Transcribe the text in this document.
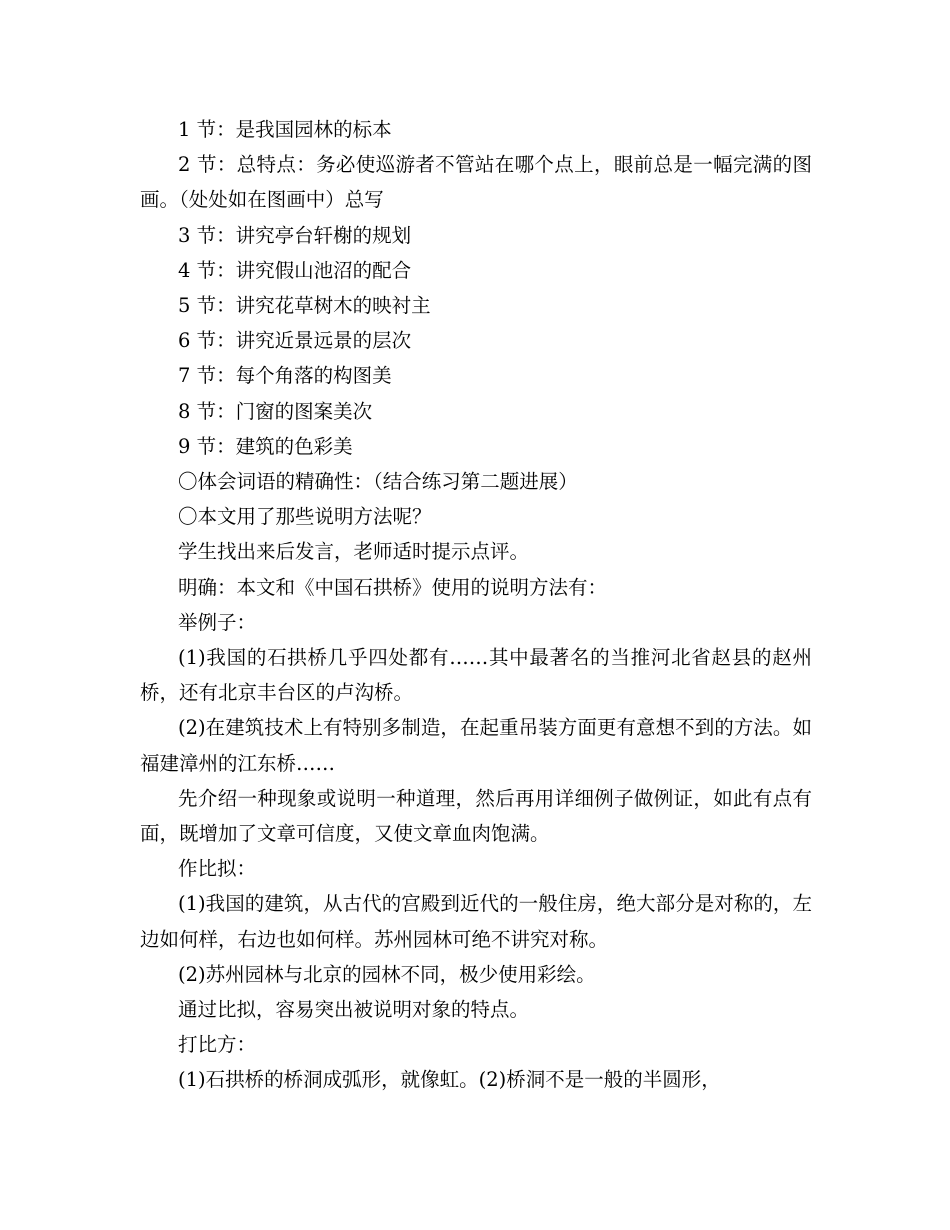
1 节：是我国园林的标本

2 节：总特点：务必使巡游者不管站在哪个点上，眼前总是一幅完满的图画。（处处如在图画中）总写

3 节：讲究亭台轩榭的规划

4 节：讲究假山池沼的配合

5 节：讲究花草树木的映衬主

6 节：讲究近景远景的层次

7 节：每个角落的构图美

8 节：门窗的图案美次

9 节：建筑的色彩美

〇体会词语的精确性：（结合练习第二题进展）

〇本文用了那些说明方法呢？

学生找出来后发言，老师适时提示点评。

明确：本文和《中国石拱桥》使用的说明方法有：

举例子：

(1)我国的石拱桥几乎四处都有……其中最著名的当推河北省赵县的赵州桥，还有北京丰台区的卢沟桥。

(2)在建筑技术上有特别多制造，在起重吊装方面更有意想不到的方法。如福建漳州的江东桥……

先介绍一种现象或说明一种道理，然后再用详细例子做例证，如此有点有面，既增加了文章可信度，又使文章血肉饱满。

作比拟：

(1)我国的建筑，从古代的宫殿到近代的一般住房，绝大部分是对称的，左边如何样，右边也如何样。苏州园林可绝不讲究对称。

(2)苏州园林与北京的园林不同，极少使用彩绘。

通过比拟，容易突出被说明对象的特点。

打比方：

(1)石拱桥的桥洞成弧形，就像虹。(2)桥洞不是一般的半圆形，
